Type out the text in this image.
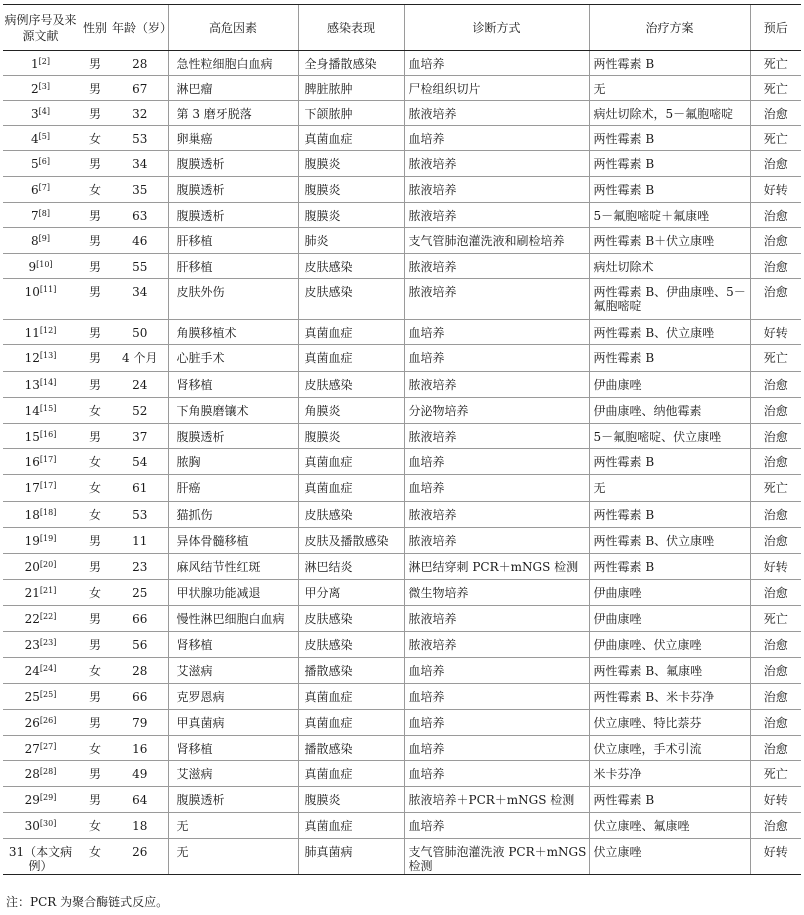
病例序号及来源文献	性别	年龄（岁）	高危因素	感染表现	诊断方式	治疗方案	预后
1[2]	男	28	急性粒细胞白血病	全身播散感染	血培养	两性霉素 B	死亡
2[3]	男	67	淋巴瘤	脾脏脓肿	尸检组织切片	无	死亡
3[4]	男	32	第 3 磨牙脱落	下颌脓肿	脓液培养	病灶切除术，5－氟胞嘧啶	治愈
4[5]	女	53	卵巢癌	真菌血症	血培养	两性霉素 B	死亡
5[6]	男	34	腹膜透析	腹膜炎	脓液培养	两性霉素 B	治愈
6[7]	女	35	腹膜透析	腹膜炎	脓液培养	两性霉素 B	好转
7[8]	男	63	腹膜透析	腹膜炎	脓液培养	5－氟胞嘧啶＋氟康唑	治愈
8[9]	男	46	肝移植	肺炎	支气管肺泡灌洗液和刷检培养	两性霉素 B＋伏立康唑	治愈
9[10]	男	55	肝移植	皮肤感染	脓液培养	病灶切除术	治愈
10[11]	男	34	皮肤外伤	皮肤感染	脓液培养	两性霉素 B、伊曲康唑、5－氟胞嘧啶	治愈
11[12]	男	50	角膜移植术	真菌血症	血培养	两性霉素 B、伏立康唑	好转
12[13]	男	4 个月	心脏手术	真菌血症	血培养	两性霉素 B	死亡
13[14]	男	24	肾移植	皮肤感染	脓液培养	伊曲康唑	治愈
14[15]	女	52	下角膜磨镶术	角膜炎	分泌物培养	伊曲康唑、纳他霉素	治愈
15[16]	男	37	腹膜透析	腹膜炎	脓液培养	5－氟胞嘧啶、伏立康唑	治愈
16[17]	女	54	脓胸	真菌血症	血培养	两性霉素 B	治愈
17[17]	女	61	肝癌	真菌血症	血培养	无	死亡
18[18]	女	53	猫抓伤	皮肤感染	脓液培养	两性霉素 B	治愈
19[19]	男	11	异体骨髓移植	皮肤及播散感染	脓液培养	两性霉素 B、伏立康唑	治愈
20[20]	男	23	麻风结节性红斑	淋巴结炎	淋巴结穿刺 PCR＋mNGS 检测	两性霉素 B	好转
21[21]	女	25	甲状腺功能减退	甲分离	微生物培养	伊曲康唑	治愈
22[22]	男	66	慢性淋巴细胞白血病	皮肤感染	脓液培养	伊曲康唑	死亡
23[23]	男	56	肾移植	皮肤感染	脓液培养	伊曲康唑、伏立康唑	治愈
24[24]	女	28	艾滋病	播散感染	血培养	两性霉素 B、氟康唑	治愈
25[25]	男	66	克罗恩病	真菌血症	血培养	两性霉素 B、米卡芬净	治愈
26[26]	男	79	甲真菌病	真菌血症	血培养	伏立康唑、特比萘芬	治愈
27[27]	女	16	肾移植	播散感染	血培养	伏立康唑，手术引流	治愈
28[28]	男	49	艾滋病	真菌血症	血培养	米卡芬净	死亡
29[29]	男	64	腹膜透析	腹膜炎	脓液培养＋PCR＋mNGS 检测	两性霉素 B	好转
30[30]	女	18	无	真菌血症	血培养	伏立康唑、氟康唑	治愈
31（本文病例）	女	26	无	肺真菌病	支气管肺泡灌洗液 PCR＋mNGS 检测	伏立康唑	好转
注：PCR 为聚合酶链式反应。
